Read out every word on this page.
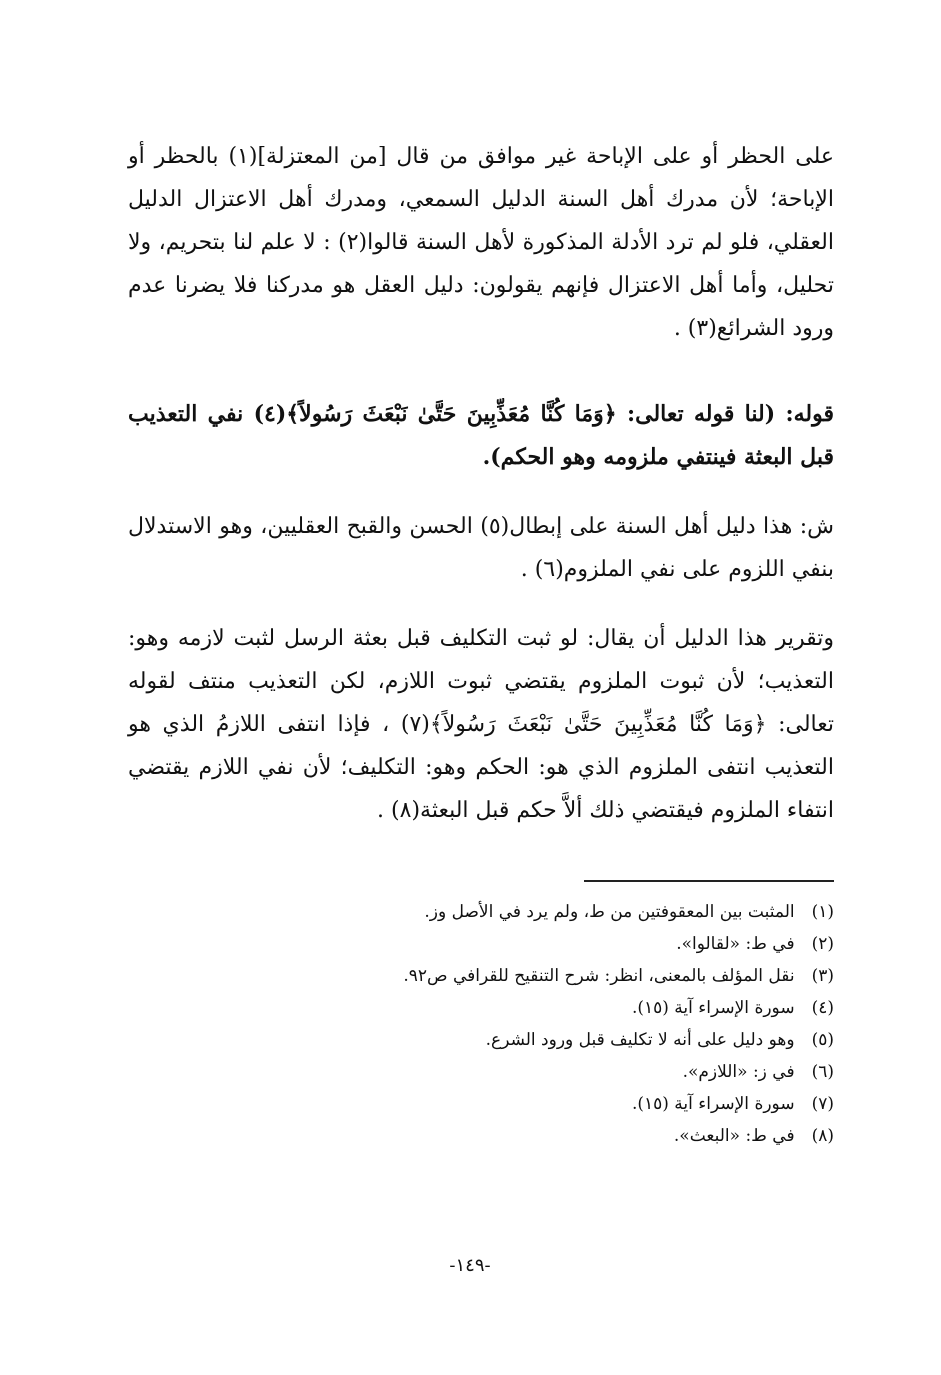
على الحظر أو على الإباحة غير موافق من قال [من المعتزلة](١) بالحظر أو الإباحة؛ لأن مدرك أهل السنة الدليل السمعي، ومدرك أهل الاعتزال الدليل العقلي، فلو لم ترد الأدلة المذكورة لأهل السنة قالوا(٢) : لا علم لنا بتحريم، ولا تحليل، وأما أهل الاعتزال فإنهم يقولون: دليل العقل هو مدركنا فلا يضرنا عدم ورود الشرائع(٣) .

قوله: (لنا قوله تعالى: ﴿وَمَا كُنَّا مُعَذِّبِينَ حَتَّىٰ نَبْعَثَ رَسُولاً﴾(٤) نفي التعذيب قبل البعثة فينتفي ملزومه وهو الحكم).

ش: هذا دليل أهل السنة على إبطال(٥) الحسن والقبح العقليين، وهو الاستدلال بنفي اللزوم على نفي الملزوم(٦) .

وتقرير هذا الدليل أن يقال: لو ثبت التكليف قبل بعثة الرسل لثبت لازمه وهو: التعذيب؛ لأن ثبوت الملزوم يقتضي ثبوت اللازم، لكن التعذيب منتف لقوله تعالى: ﴿وَمَا كُنَّا مُعَذِّبِينَ حَتَّىٰ نَبْعَثَ رَسُولاً﴾(٧) ، فإذا انتفى اللازمُ الذي هو التعذيب انتفى الملزوم الذي هو: الحكم وهو: التكليف؛ لأن نفي اللازم يقتضي انتفاء الملزوم فيقتضي ذلك ألاَّ حكم قبل البعثة(٨) .

(١) المثبت بين المعقوفتين من ط، ولم يرد في الأصل وز.
(٢) في ط: «لقالوا».
(٣) نقل المؤلف بالمعنى، انظر: شرح التنقيح للقرافي ص٩٢.
(٤) سورة الإسراء آية (١٥).
(٥) وهو دليل على أنه لا تكليف قبل ورود الشرع.
(٦) في ز: «اللازم».
(٧) سورة الإسراء آية (١٥).
(٨) في ط: «البعث».
-١٤٩-
